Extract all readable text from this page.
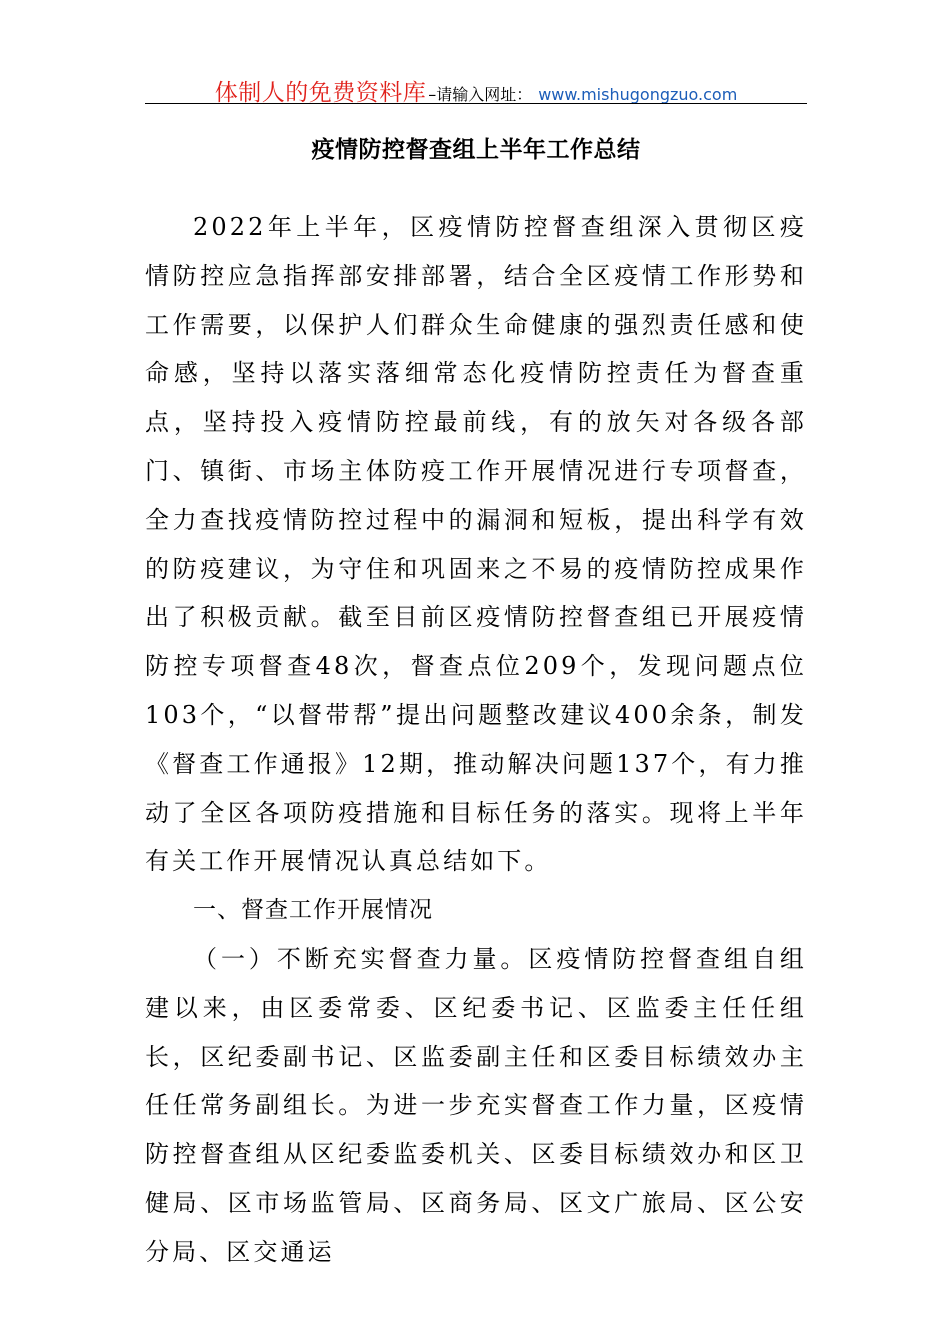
体制人的免费资料库 –请输入网址： www.mishugongzuo.com
疫情防控督查组上半年工作总结

2022年上半年，区疫情防控督查组深入贯彻区疫情防控应急指挥部安排部署，结合全区疫情工作形势和工作需要，以保护人们群众生命健康的强烈责任感和使命感，坚持以落实落细常态化疫情防控责任为督查重点，坚持投入疫情防控最前线，有的放矢对各级各部门、镇街、市场主体防疫工作开展情况进行专项督查，全力查找疫情防控过程中的漏洞和短板，提出科学有效的防疫建议，为守住和巩固来之不易的疫情防控成果作出了积极贡献。截至目前区疫情防控督查组已开展疫情防控专项督查48次，督查点位209个，发现问题点位103个，“以督带帮”提出问题整改建议400余条，制发《督查工作通报》12期，推动解决问题137个，有力推动了全区各项防疫措施和目标任务的落实。现将上半年有关工作开展情况认真总结如下。

一、督查工作开展情况

（一）不断充实督查力量。区疫情防控督查组自组建以来，由区委常委、区纪委书记、区监委主任任组长，区纪委副书记、区监委副主任和区委目标绩效办主任任常务副组长。为进一步充实督查工作力量，区疫情防控督查组从区纪委监委机关、区委目标绩效办和区卫健局、区市场监管局、区商务局、区文广旅局、区公安分局、区交通运
